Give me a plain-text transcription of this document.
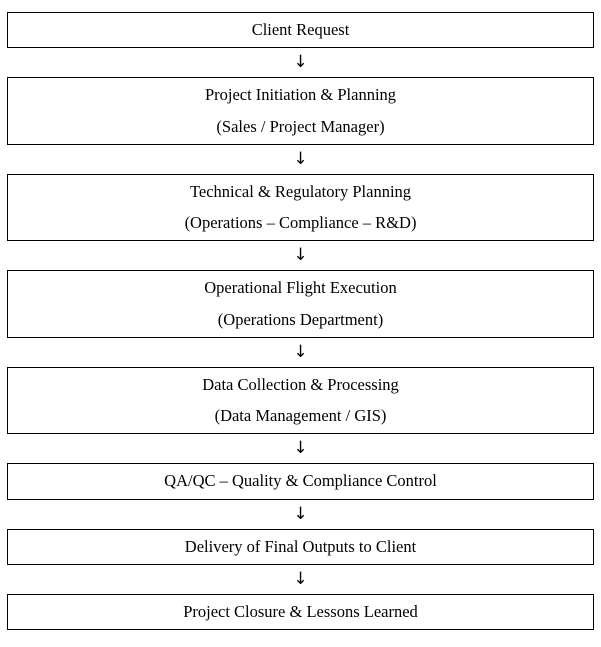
Client Request
↓
Project Initiation & Planning
(Sales / Project Manager)
↓
Technical & Regulatory Planning
(Operations – Compliance – R&D)
↓
Operational Flight Execution
(Operations Department)
↓
Data Collection & Processing
(Data Management / GIS)
↓
QA/QC – Quality & Compliance Control
↓
Delivery of Final Outputs to Client
↓
Project Closure & Lessons Learned
